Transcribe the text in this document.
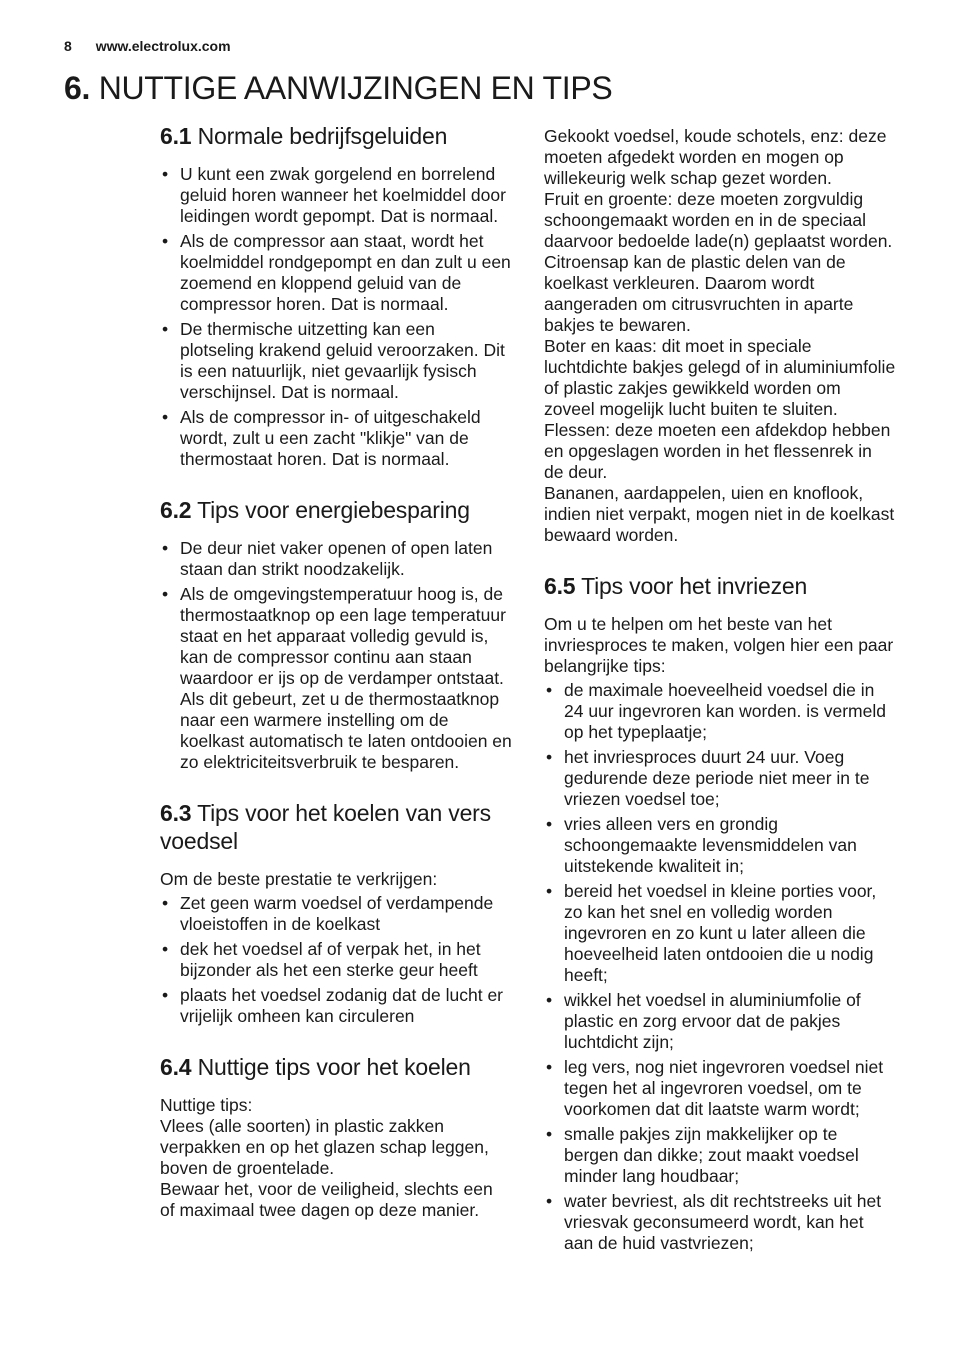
8 www.electrolux.com
6. NUTTIGE AANWIJZINGEN EN TIPS
6.1 Normale bedrijfsgeluiden
• U kunt een zwak gorgelend en borrelend geluid horen wanneer het koelmiddel door leidingen wordt gepompt. Dat is normaal.
• Als de compressor aan staat, wordt het koelmiddel rondgepompt en dan zult u een zoemend en kloppend geluid van de compressor horen. Dat is normaal.
• De thermische uitzetting kan een plotseling krakend geluid veroorzaken. Dit is een natuurlijk, niet gevaarlijk fysisch verschijnsel. Dat is normaal.
• Als de compressor in- of uitgeschakeld wordt, zult u een zacht "klikje" van de thermostaat horen. Dat is normaal.
6.2 Tips voor energiebesparing
• De deur niet vaker openen of open laten staan dan strikt noodzakelijk.
• Als de omgevingstemperatuur hoog is, de thermostaatknop op een lage temperatuur staat en het apparaat volledig gevuld is, kan de compressor continu aan staan waardoor er ijs op de verdamper ontstaat. Als dit gebeurt, zet u de thermostaatknop naar een warmere instelling om de koelkast automatisch te laten ontdooien en zo elektriciteitsverbruik te besparen.
6.3 Tips voor het koelen van vers voedsel

Om de beste prestatie te verkrijgen:

• Zet geen warm voedsel of verdampende vloeistoffen in de koelkast
• dek het voedsel af of verpak het, in het bijzonder als het een sterke geur heeft
• plaats het voedsel zodanig dat de lucht er vrijelijk omheen kan circuleren
6.4 Nuttige tips voor het koelen

Nuttige tips:

Vlees (alle soorten) in plastic zakken verpakken en op het glazen schap leggen, boven de groentelade.

Bewaar het, voor de veiligheid, slechts een of maximaal twee dagen op deze manier.

Gekookt voedsel, koude schotels, enz: deze moeten afgedekt worden en mogen op willekeurig welk schap gezet worden.

Fruit en groente: deze moeten zorgvuldig schoongemaakt worden en in de speciaal daarvoor bedoelde lade(n) geplaatst worden. Citroensap kan de plastic delen van de koelkast verkleuren. Daarom wordt aangeraden om citrusvruchten in aparte bakjes te bewaren.

Boter en kaas: dit moet in speciale luchtdichte bakjes gelegd of in aluminiumfolie of plastic zakjes gewikkeld worden om zoveel mogelijk lucht buiten te sluiten.

Flessen: deze moeten een afdekdop hebben en opgeslagen worden in het flessenrek in de deur.

Bananen, aardappelen, uien en knoflook, indien niet verpakt, mogen niet in de koelkast bewaard worden.

6.5 Tips voor het invriezen

Om u te helpen om het beste van het invriesproces te maken, volgen hier een paar belangrijke tips:

• de maximale hoeveelheid voedsel die in 24 uur ingevroren kan worden. is vermeld op het typeplaatje;
• het invriesproces duurt 24 uur. Voeg gedurende deze periode niet meer in te vriezen voedsel toe;
• vries alleen vers en grondig schoongemaakte levensmiddelen van uitstekende kwaliteit in;
• bereid het voedsel in kleine porties voor, zo kan het snel en volledig worden ingevroren en zo kunt u later alleen die hoeveelheid laten ontdooien die u nodig heeft;
• wikkel het voedsel in aluminiumfolie of plastic en zorg ervoor dat de pakjes luchtdicht zijn;
• leg vers, nog niet ingevroren voedsel niet tegen het al ingevroren voedsel, om te voorkomen dat dit laatste warm wordt;
• smalle pakjes zijn makkelijker op te bergen dan dikke; zout maakt voedsel minder lang houdbaar;
• water bevriest, als dit rechtstreeks uit het vriesvak geconsumeerd wordt, kan het aan de huid vastvriezen;
